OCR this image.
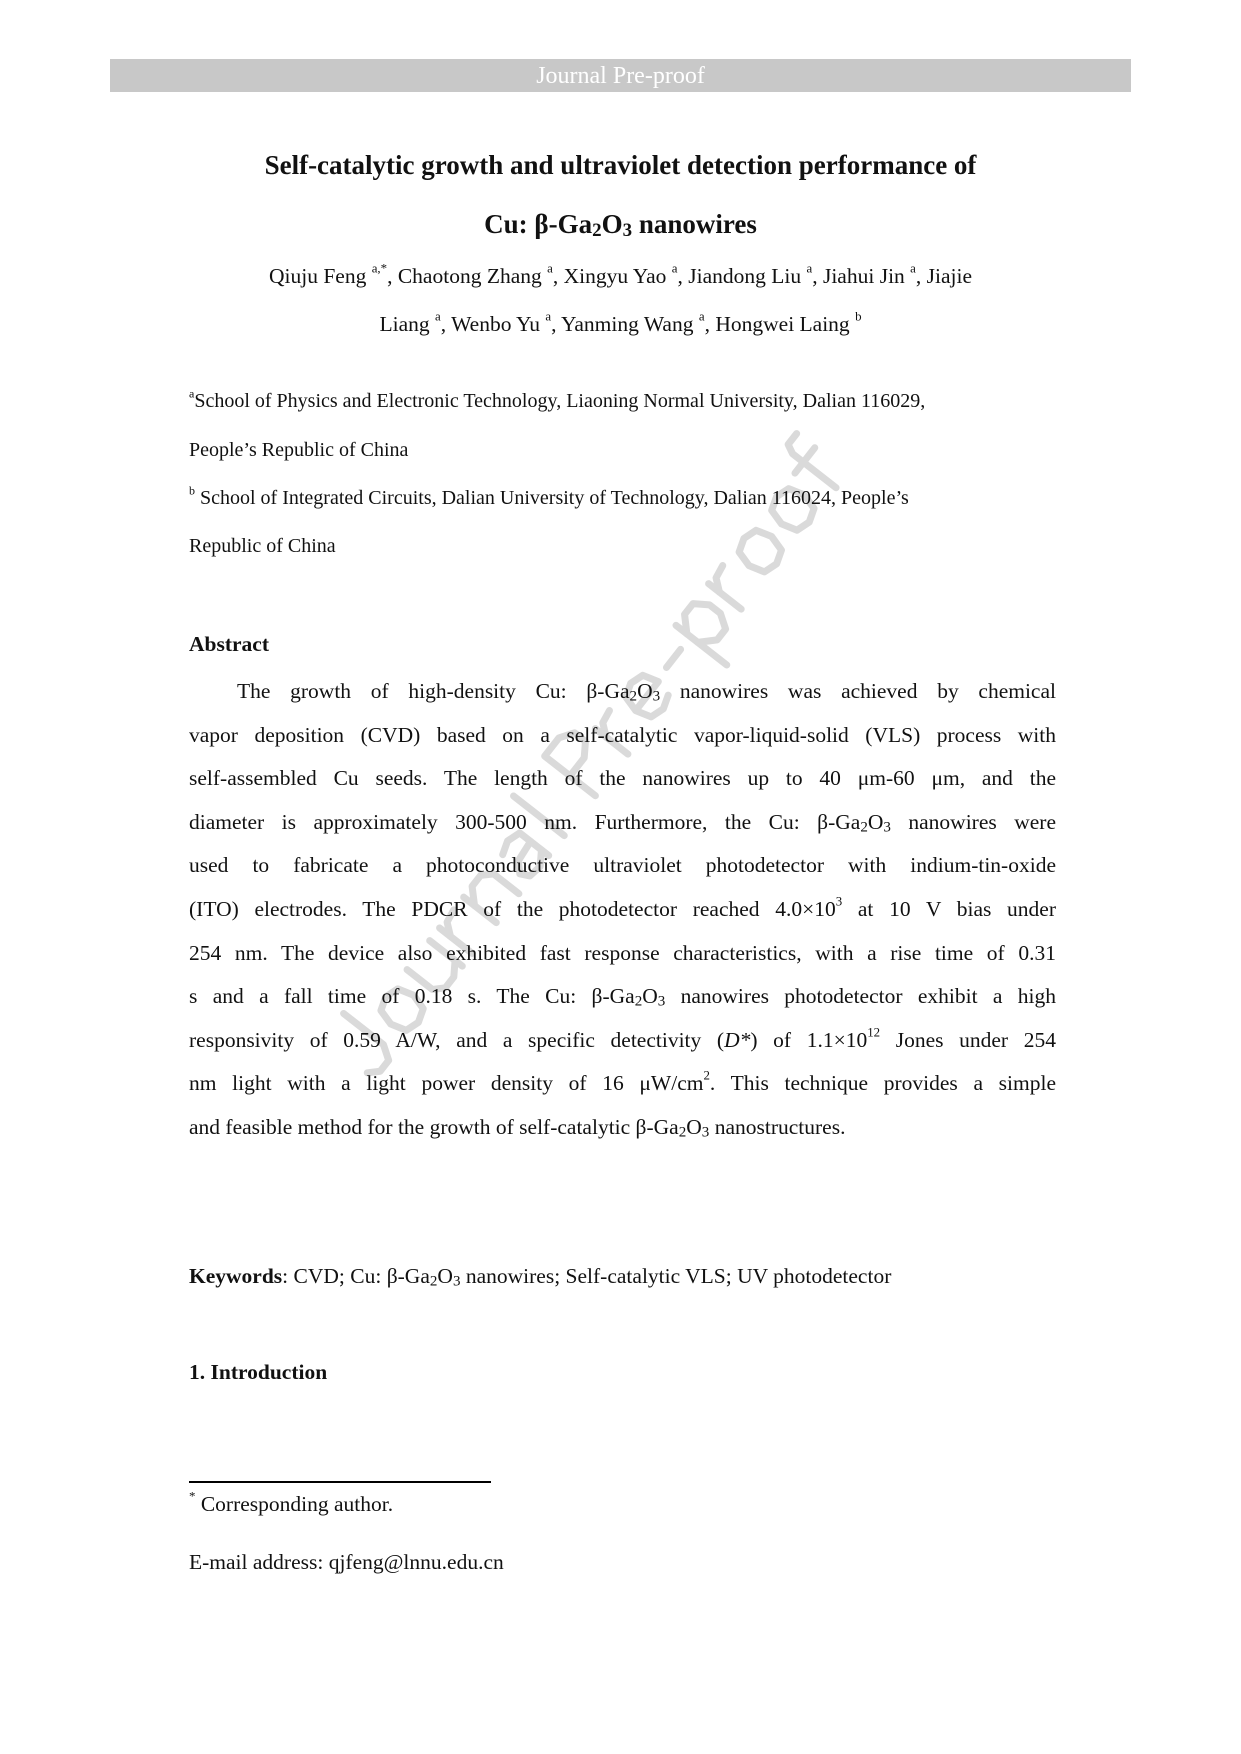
Journal Pre-proof
Self-catalytic growth and ultraviolet detection performance of
Cu: $\beta-Ga_2O_3$ nanowires
Qiuju Feng $^{a,*}$, Chaotong Zhang $^a$, Xingyu Yao $^a$, Jiandong Liu $^a$, Jiahui Jin $^a$, Jiajie
Liang $^a$, Wenbo Yu $^a$, Yanming Wang $^a$, Hongwei Laing $^b$
$^a$School of Physics and Electronic Technology, Liaoning Normal University, Dalian 116029,
People’s Republic of China
$^b$ School of Integrated Circuits, Dalian University of Technology, Dalian 116024, People’s
Republic of China
Abstract
The growth of high-density Cu: $\beta-Ga_2O_3$ nanowires was achieved by chemical
vapor deposition (CVD) based on a self-catalytic vapor-liquid-solid (VLS) process with
self-assembled Cu seeds. The length of the nanowires up to 40 μm-60 μm, and the
diameter is approximately 300-500 nm. Furthermore, the Cu: $\beta-Ga_2O_3$ nanowires were
used to fabricate a photoconductive ultraviolet photodetector with indium-tin-oxide
(ITO) electrodes. The PDCR of the photodetector reached $4.0\times 10^3$ at 10 V bias under
254 nm. The device also exhibited fast response characteristics, with a rise time of 0.31
s and a fall time of 0.18 s. The Cu: $\beta-Ga_2O_3$ nanowires photodetector exhibit a high
responsivity of 0.59 A/W, and a specific detectivity (D*) of $1.1\times 10^{12}$ Jones under 254
nm light with a light power density of 16 $\mu W/cm^2$. This technique provides a simple
and feasible method for the growth of self-catalytic $\beta-Ga_2O_3$ nanostructures.
Keywords: CVD; Cu: $\beta-Ga_2O_3$ nanowires; Self-catalytic VLS; UV photodetector
1. Introduction
* Corresponding author.
E-mail address: qjfeng@lnnu.edu.cn
